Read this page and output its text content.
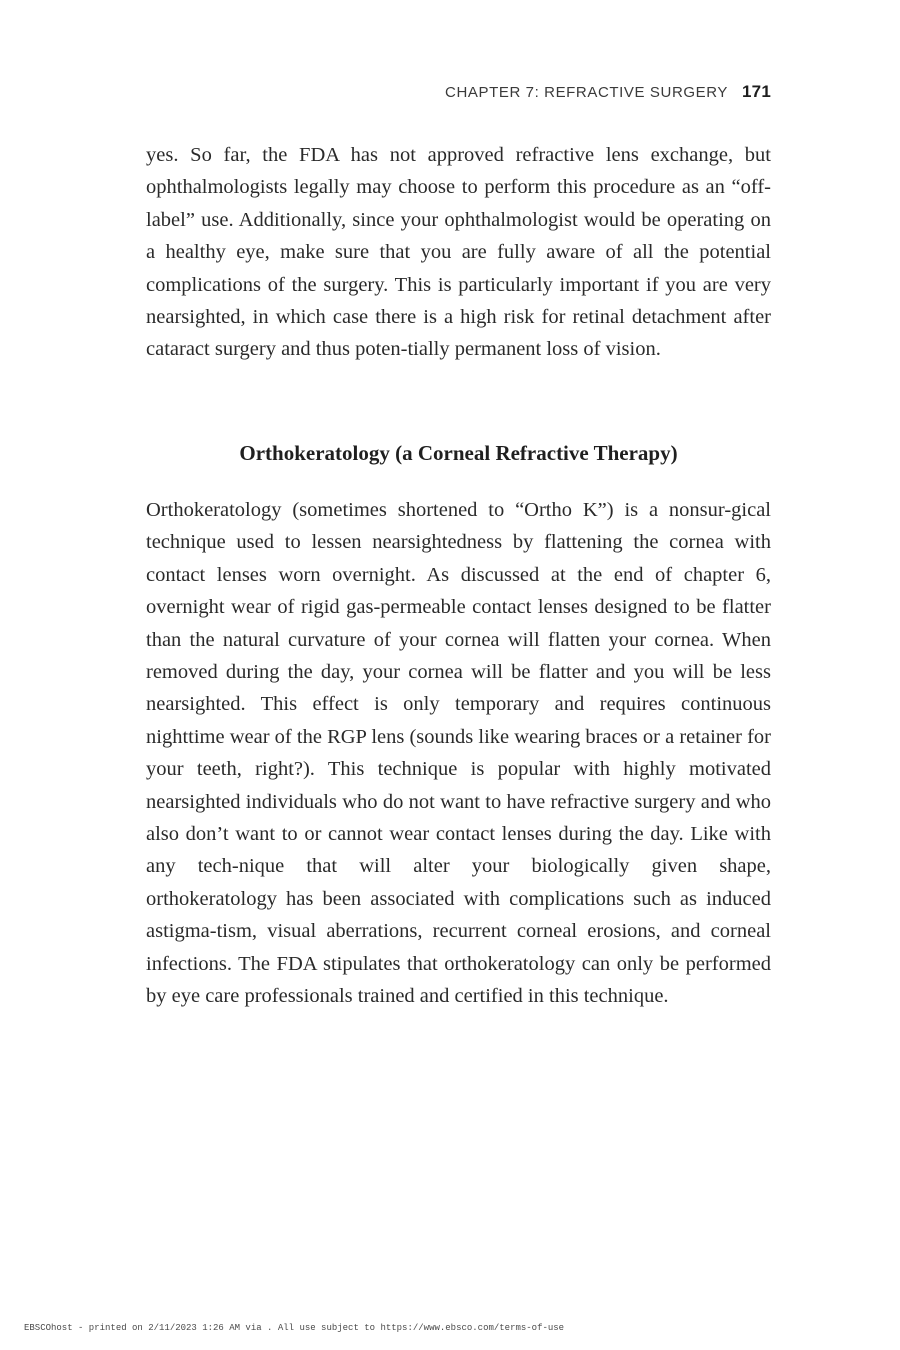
CHAPTER 7: REFRACTIVE SURGERY 171

yes. So far, the FDA has not approved refractive lens exchange, but ophthalmologists legally may choose to perform this procedure as an “off-label” use. Additionally, since your ophthalmologist would be operating on a healthy eye, make sure that you are fully aware of all the potential complications of the surgery. This is particularly important if you are very nearsighted, in which case there is a high risk for retinal detachment after cataract surgery and thus poten-tially permanent loss of vision.

Orthokeratology (a Corneal Refractive Therapy)

Orthokeratology (sometimes shortened to “Ortho K”) is a nonsur-gical technique used to lessen nearsightedness by flattening the cornea with contact lenses worn overnight. As discussed at the end of chapter 6, overnight wear of rigid gas-permeable contact lenses designed to be flatter than the natural curvature of your cornea will flatten your cornea. When removed during the day, your cornea will be flatter and you will be less nearsighted. This effect is only temporary and requires continuous nighttime wear of the RGP lens (sounds like wearing braces or a retainer for your teeth, right?). This technique is popular with highly motivated nearsighted individuals who do not want to have refractive surgery and who also don’t want to or cannot wear contact lenses during the day. Like with any tech-nique that will alter your biologically given shape, orthokeratology has been associated with complications such as induced astigma-tism, visual aberrations, recurrent corneal erosions, and corneal infections. The FDA stipulates that orthokeratology can only be performed by eye care professionals trained and certified in this technique.

EBSCOhost - printed on 2/11/2023 1:26 AM via . All use subject to https://www.ebsco.com/terms-of-use
